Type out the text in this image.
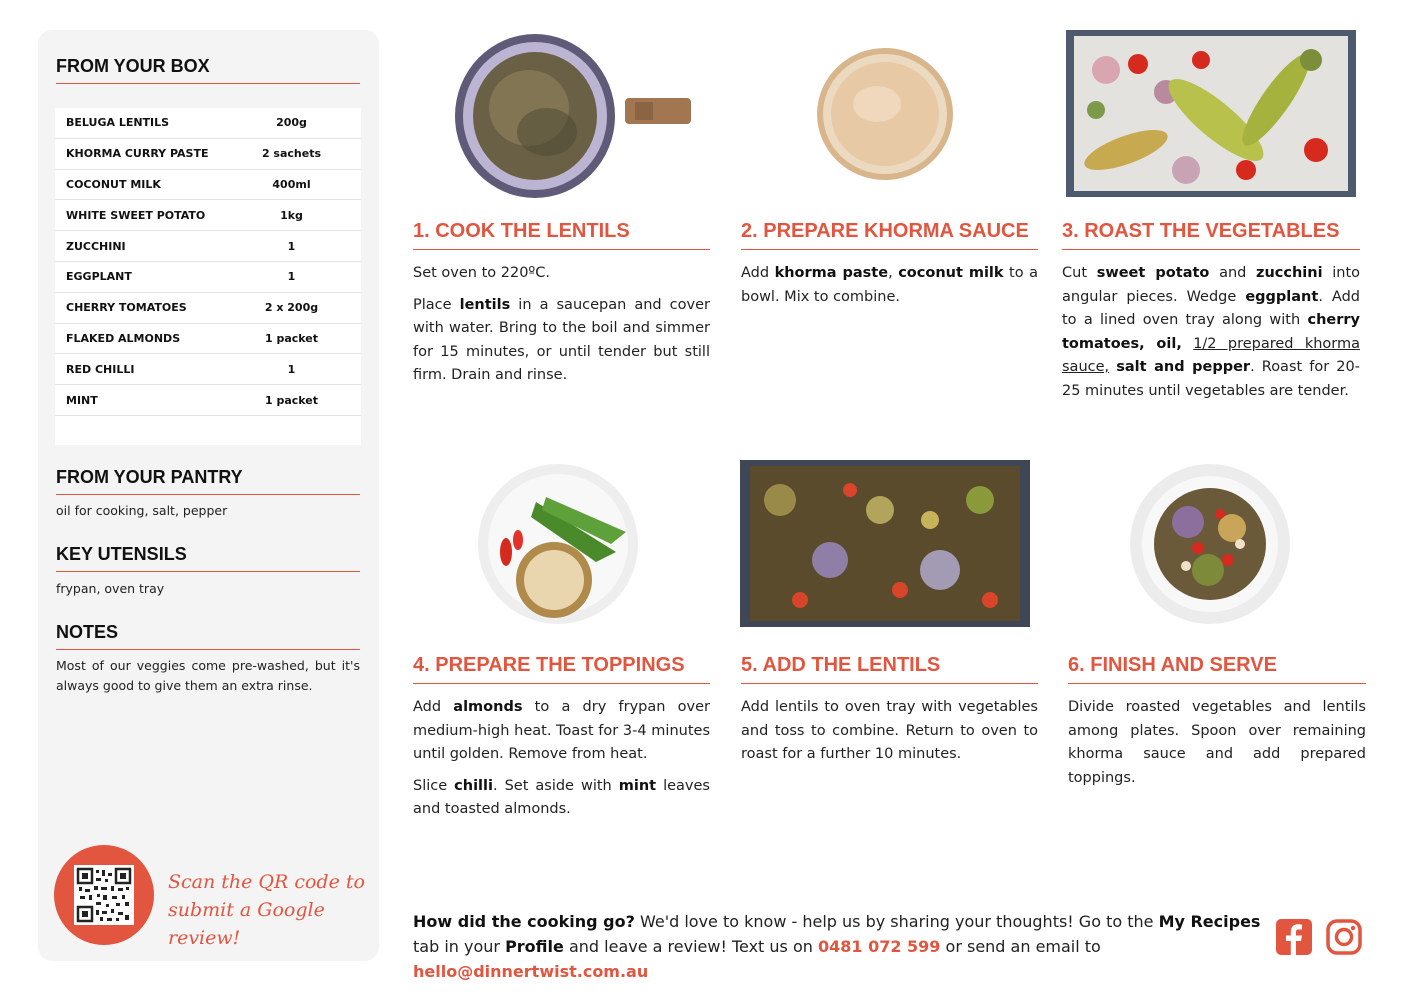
FROM YOUR BOX
BELUGA LENTILS	200g
KHORMA CURRY PASTE	2 sachets
COCONUT MILK	400ml
WHITE SWEET POTATO	1kg
ZUCCHINI	1
EGGPLANT	1
CHERRY TOMATOES	2 x 200g
FLAKED ALMONDS	1 packet
RED CHILLI	1
MINT	1 packet
FROM YOUR PANTRY
oil for cooking, salt, pepper
KEY UTENSILS
frypan, oven tray
NOTES
Most of our veggies come pre-washed, but it's always good to give them an extra rinse.
Scan the QR code to
submit a Google review!
1. COOK THE LENTILS

Set oven to 220ºC.

Place lentils in a saucepan and cover with water. Bring to the boil and simmer for 15 minutes, or until tender but still firm. Drain and rinse.

2. PREPARE KHORMA SAUCE

Add khorma paste, coconut milk to a bowl. Mix to combine.

3. ROAST THE VEGETABLES

Cut sweet potato and zucchini into angular pieces. Wedge eggplant. Add to a lined oven tray along with cherry tomatoes, oil, 1/2 prepared khorma sauce, salt and pepper. Roast for 20-25 minutes until vegetables are tender.

4. PREPARE THE TOPPINGS

Add almonds to a dry frypan over medium-high heat. Toast for 3-4 minutes until golden. Remove from heat.

Slice chilli. Set aside with mint leaves and toasted almonds.

5. ADD THE LENTILS

Add lentils to oven tray with vegetables and toss to combine. Return to oven to roast for a further 10 minutes.

6. FINISH AND SERVE

Divide roasted vegetables and lentils among plates. Spoon over remaining khorma sauce and add prepared toppings.

How did the cooking go? We'd love to know - help us by sharing your thoughts! Go to the My Recipes tab in your Profile and leave a review! Text us on 0481 072 599 or send an email to hello@dinnertwist.com.au
